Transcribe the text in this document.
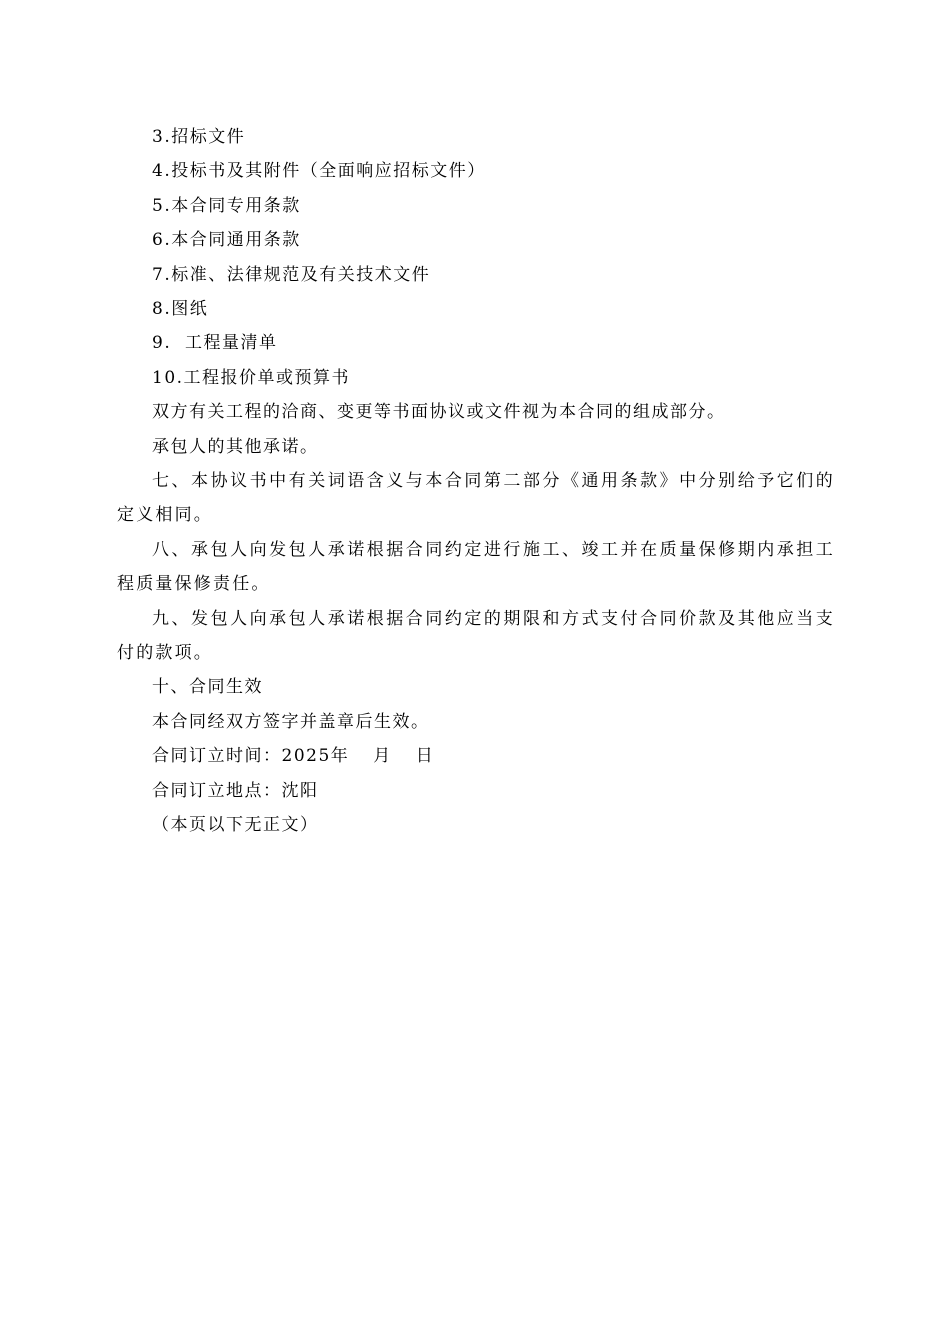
3.招标文件

4.投标书及其附件（全面响应招标文件）

5.本合同专用条款

6.本合同通用条款

7.标准、法律规范及有关技术文件

8.图纸

9.  工程量清单

10.工程报价单或预算书

双方有关工程的洽商、变更等书面协议或文件视为本合同的组成部分。

承包人的其他承诺。

七、本协议书中有关词语含义与本合同第二部分《通用条款》中分别给予它们的定义相同。

八、承包人向发包人承诺根据合同约定进行施工、竣工并在质量保修期内承担工程质量保修责任。

九、发包人向承包人承诺根据合同约定的期限和方式支付合同价款及其他应当支付的款项。

十、合同生效

本合同经双方签字并盖章后生效。

合同订立时间：2025年 月 日

合同订立地点：沈阳

（本页以下无正文）
